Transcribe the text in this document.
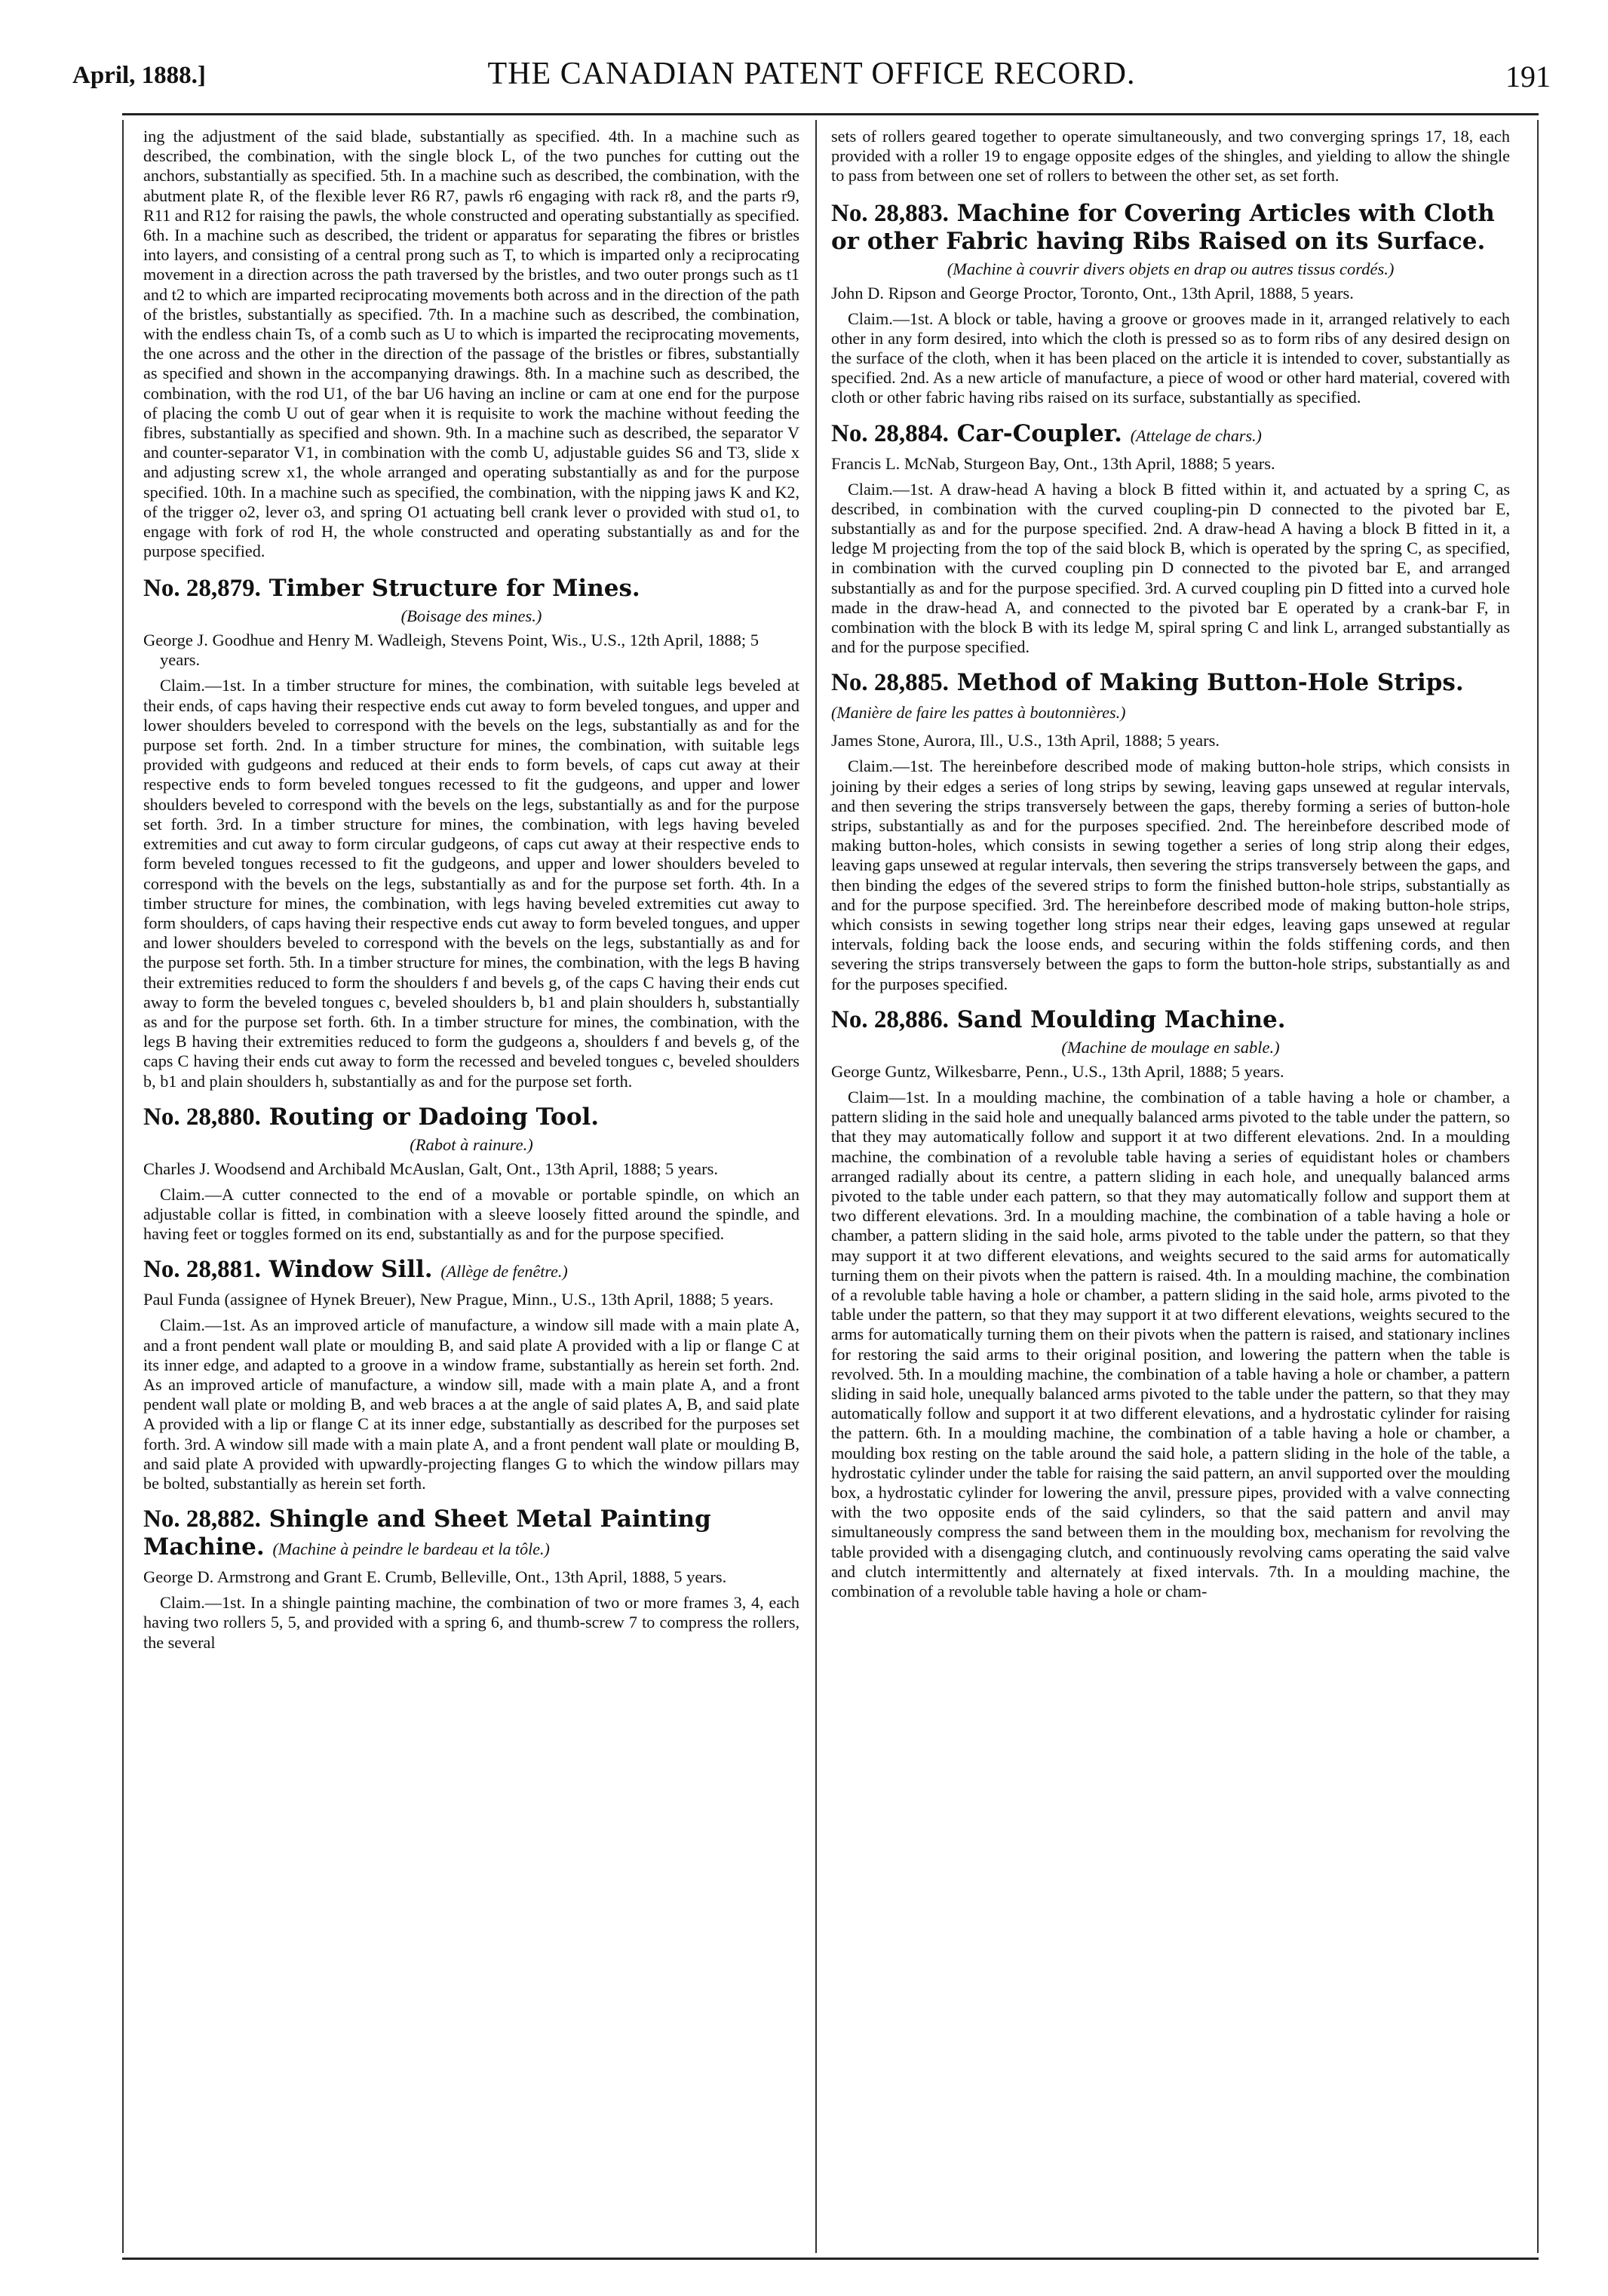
April, 1888.]	THE CANADIAN PATENT OFFICE RECORD.	191

ing the adjustment of the said blade, substantially as specified. 4th. In a machine such as described, the combination, with the single block L, of the two punches for cutting out the anchors, substantially as specified. 5th. In a machine such as described, the combination, with the abutment plate R, of the flexible lever R6 R7, pawls r6 engaging with rack r8, and the parts r9, R11 and R12 for raising the pawls, the whole constructed and operating substantially as specified. 6th. In a machine such as described, the trident or apparatus for separating the fibres or bristles into layers, and consisting of a central prong such as T, to which is imparted only a reciprocating movement in a direction across the path traversed by the bristles, and two outer prongs such as t1 and t2 to which are imparted reciprocating movements both across and in the direction of the path of the bristles, substantially as specified. 7th. In a machine such as described, the combination, with the endless chain Ts, of a comb such as U to which is imparted the reciprocating movements, the one across and the other in the direction of the passage of the bristles or fibres, substantially as specified and shown in the accompanying drawings. 8th. In a machine such as described, the combination, with the rod U1, of the bar U6 having an incline or cam at one end for the purpose of placing the comb U out of gear when it is requisite to work the machine without feeding the fibres, substantially as specified and shown. 9th. In a machine such as described, the separator V and counter-separator V1, in combination with the comb U, adjustable guides S6 and T3, slide x and adjusting screw x1, the whole arranged and operating substantially as and for the purpose specified. 10th. In a machine such as specified, the combination, with the nipping jaws K and K2, of the trigger o2, lever o3, and spring O1 actuating bell crank lever o provided with stud o1, to engage with fork of rod H, the whole constructed and operating substantially as and for the purpose specified.

No. 28,879. Timber Structure for Mines.
(Boisage des mines.)

George J. Goodhue and Henry M. Wadleigh, Stevens Point, Wis., U.S., 12th April, 1888; 5 years.

Claim.—1st. In a timber structure for mines, the combination, with suitable legs beveled at their ends, of caps having their respective ends cut away to form beveled tongues, and upper and lower shoulders beveled to correspond with the bevels on the legs, substantially as and for the purpose set forth. 2nd. In a timber structure for mines, the combination, with suitable legs provided with gudgeons and reduced at their ends to form bevels, of caps cut away at their respective ends to form beveled tongues recessed to fit the gudgeons, and upper and lower shoulders beveled to correspond with the bevels on the legs, substantially as and for the purpose set forth. 3rd. In a timber structure for mines, the combination, with legs having beveled extremities and cut away to form circular gudgeons, of caps cut away at their respective ends to form beveled tongues recessed to fit the gudgeons, and upper and lower shoulders beveled to correspond with the bevels on the legs, substantially as and for the purpose set forth. 4th. In a timber structure for mines, the combination, with legs having beveled extremities cut away to form shoulders, of caps having their respective ends cut away to form beveled tongues, and upper and lower shoulders beveled to correspond with the bevels on the legs, substantially as and for the purpose set forth. 5th. In a timber structure for mines, the combination, with the legs B having their extremities reduced to form the shoulders f and bevels g, of the caps C having their ends cut away to form the beveled tongues c, beveled shoulders b, b1 and plain shoulders h, substantially as and for the purpose set forth. 6th. In a timber structure for mines, the combination, with the legs B having their extremities reduced to form the gudgeons a, shoulders f and bevels g, of the caps C having their ends cut away to form the recessed and beveled tongues c, beveled shoulders b, b1 and plain shoulders h, substantially as and for the purpose set forth.

No. 28,880. Routing or Dadoing Tool.
(Rabot à rainure.)

Charles J. Woodsend and Archibald McAuslan, Galt, Ont., 13th April, 1888; 5 years.

Claim.—A cutter connected to the end of a movable or portable spindle, on which an adjustable collar is fitted, in combination with a sleeve loosely fitted around the spindle, and having feet or toggles formed on its end, substantially as and for the purpose specified.

No. 28,881. Window Sill. (Allège de fenêtre.)

Paul Funda (assignee of Hynek Breuer), New Prague, Minn., U.S., 13th April, 1888; 5 years.

Claim.—1st. As an improved article of manufacture, a window sill made with a main plate A, and a front pendent wall plate or moulding B, and said plate A provided with a lip or flange C at its inner edge, and adapted to a groove in a window frame, substantially as herein set forth. 2nd. As an improved article of manufacture, a window sill, made with a main plate A, and a front pendent wall plate or molding B, and web braces a at the angle of said plates A, B, and said plate A provided with a lip or flange C at its inner edge, substantially as described for the purposes set forth. 3rd. A window sill made with a main plate A, and a front pendent wall plate or moulding B, and said plate A provided with upwardly-projecting flanges G to which the window pillars may be bolted, substantially as herein set forth.

No. 28,882. Shingle and Sheet Metal Painting Machine. (Machine à peindre le bardeau et la tôle.)

George D. Armstrong and Grant E. Crumb, Belleville, Ont., 13th April, 1888, 5 years.

Claim.—1st. In a shingle painting machine, the combination of two or more frames 3, 4, each having two rollers 5, 5, and provided with a spring 6, and thumb-screw 7 to compress the rollers, the several

sets of rollers geared together to operate simultaneously, and two converging springs 17, 18, each provided with a roller 19 to engage opposite edges of the shingles, and yielding to allow the shingle to pass from between one set of rollers to between the other set, as set forth.

No. 28,883. Machine for Covering Articles with Cloth or other Fabric having Ribs Raised on its Surface.
(Machine à couvrir divers objets en drap ou autres tissus cordés.)

John D. Ripson and George Proctor, Toronto, Ont., 13th April, 1888, 5 years.

Claim.—1st. A block or table, having a groove or grooves made in it, arranged relatively to each other in any form desired, into which the cloth is pressed so as to form ribs of any desired design on the surface of the cloth, when it has been placed on the article it is intended to cover, substantially as specified. 2nd. As a new article of manufacture, a piece of wood or other hard material, covered with cloth or other fabric having ribs raised on its surface, substantially as specified.

No. 28,884. Car-Coupler. (Attelage de chars.)

Francis L. McNab, Sturgeon Bay, Ont., 13th April, 1888; 5 years.

Claim.—1st. A draw-head A having a block B fitted within it, and actuated by a spring C, as described, in combination with the curved coupling-pin D connected to the pivoted bar E, substantially as and for the purpose specified. 2nd. A draw-head A having a block B fitted in it, a ledge M projecting from the top of the said block B, which is operated by the spring C, as specified, in combination with the curved coupling pin D connected to the pivoted bar E, and arranged substantially as and for the purpose specified. 3rd. A curved coupling pin D fitted into a curved hole made in the draw-head A, and connected to the pivoted bar E operated by a crank-bar F, in combination with the block B with its ledge M, spiral spring C and link L, arranged substantially as and for the purpose specified.

No. 28,885. Method of Making Button-Hole Strips. (Manière de faire les pattes à boutonnières.)

James Stone, Aurora, Ill., U.S., 13th April, 1888; 5 years.

Claim.—1st. The hereinbefore described mode of making button-hole strips, which consists in joining by their edges a series of long strips by sewing, leaving gaps unsewed at regular intervals, and then severing the strips transversely between the gaps, thereby forming a series of button-hole strips, substantially as and for the purposes specified. 2nd. The hereinbefore described mode of making button-holes, which consists in sewing together a series of long strip along their edges, leaving gaps unsewed at regular intervals, then severing the strips transversely between the gaps, and then binding the edges of the severed strips to form the finished button-hole strips, substantially as and for the purpose specified. 3rd. The hereinbefore described mode of making button-hole strips, which consists in sewing together long strips near their edges, leaving gaps unsewed at regular intervals, folding back the loose ends, and securing within the folds stiffening cords, and then severing the strips transversely between the gaps to form the button-hole strips, substantially as and for the purposes specified.

No. 28,886. Sand Moulding Machine.
(Machine de moulage en sable.)

George Guntz, Wilkesbarre, Penn., U.S., 13th April, 1888; 5 years.

Claim—1st. In a moulding machine, the combination of a table having a hole or chamber, a pattern sliding in the said hole and unequally balanced arms pivoted to the table under the pattern, so that they may automatically follow and support it at two different elevations. 2nd. In a moulding machine, the combination of a revoluble table having a series of equidistant holes or chambers arranged radially about its centre, a pattern sliding in each hole, and unequally balanced arms pivoted to the table under each pattern, so that they may automatically follow and support them at two different elevations. 3rd. In a moulding machine, the combination of a table having a hole or chamber, a pattern sliding in the said hole, arms pivoted to the table under the pattern, so that they may support it at two different elevations, and weights secured to the said arms for automatically turning them on their pivots when the pattern is raised. 4th. In a moulding machine, the combination of a revoluble table having a hole or chamber, a pattern sliding in the said hole, arms pivoted to the table under the pattern, so that they may support it at two different elevations, weights secured to the arms for automatically turning them on their pivots when the pattern is raised, and stationary inclines for restoring the said arms to their original position, and lowering the pattern when the table is revolved. 5th. In a moulding machine, the combination of a table having a hole or chamber, a pattern sliding in said hole, unequally balanced arms pivoted to the table under the pattern, so that they may automatically follow and support it at two different elevations, and a hydrostatic cylinder for raising the pattern. 6th. In a moulding machine, the combination of a table having a hole or chamber, a moulding box resting on the table around the said hole, a pattern sliding in the hole of the table, a hydrostatic cylinder under the table for raising the said pattern, an anvil supported over the moulding box, a hydrostatic cylinder for lowering the anvil, pressure pipes, provided with a valve connecting with the two opposite ends of the said cylinders, so that the said pattern and anvil may simultaneously compress the sand between them in the moulding box, mechanism for revolving the table provided with a disengaging clutch, and continuously revolving cams operating the said valve and clutch intermittently and alternately at fixed intervals. 7th. In a moulding machine, the combination of a revoluble table having a hole or cham-
